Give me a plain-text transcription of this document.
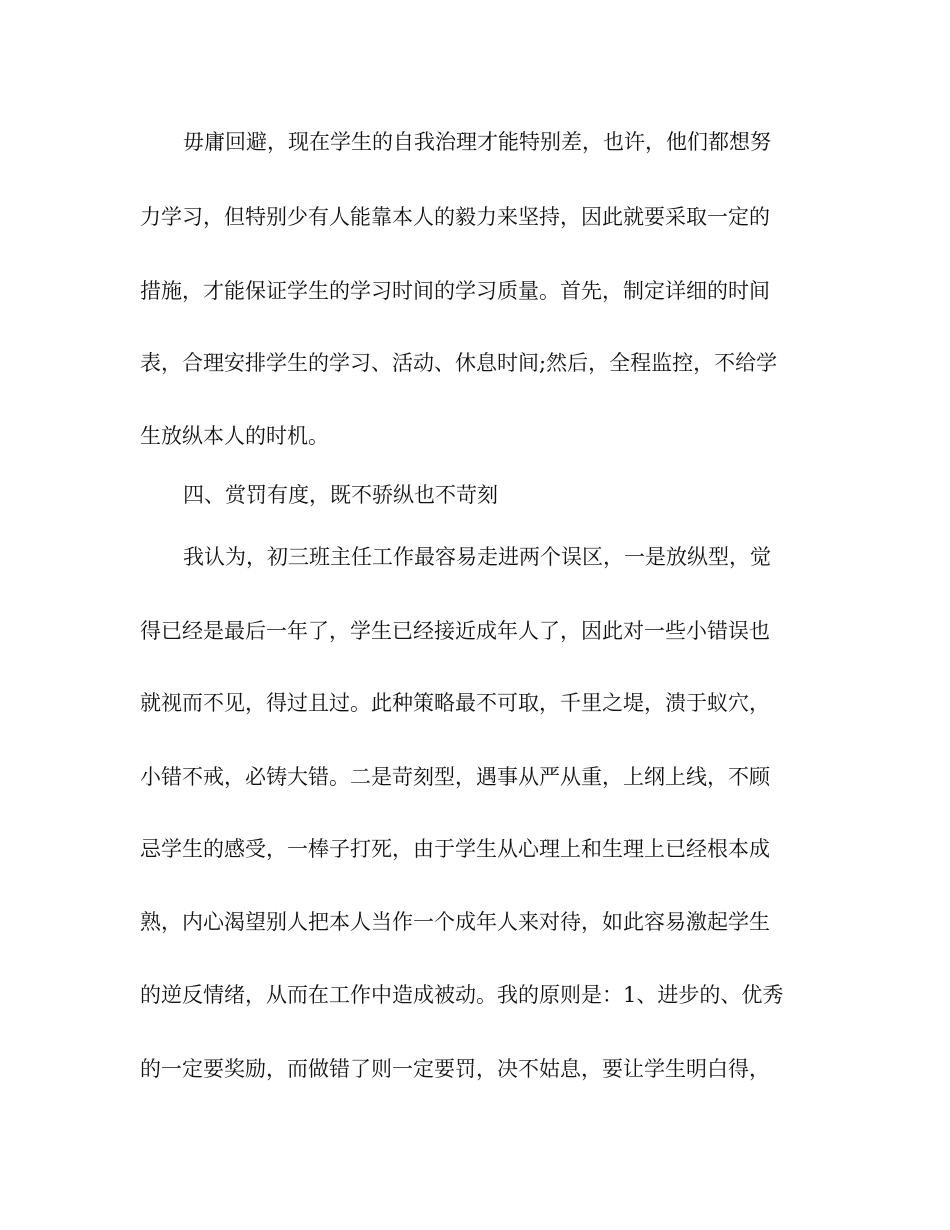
毋庸回避，现在学生的自我治理才能特别差，也许，他们都想努
力学习，但特别少有人能靠本人的毅力来坚持，因此就要采取一定的
措施，才能保证学生的学习时间的学习质量。首先，制定详细的时间
表，合理安排学生的学习、活动、休息时间;然后，全程监控，不给学
生放纵本人的时机。
四、赏罚有度，既不骄纵也不苛刻
我认为，初三班主任工作最容易走进两个误区，一是放纵型，觉
得已经是最后一年了，学生已经接近成年人了，因此对一些小错误也
就视而不见，得过且过。此种策略最不可取，千里之堤，溃于蚁穴，
小错不戒，必铸大错。二是苛刻型，遇事从严从重，上纲上线，不顾
忌学生的感受，一棒子打死，由于学生从心理上和生理上已经根本成
熟，内心渴望别人把本人当作一个成年人来对待，如此容易激起学生
的逆反情绪，从而在工作中造成被动。我的原则是：1、进步的、优秀
的一定要奖励，而做错了则一定要罚，决不姑息，要让学生明白得，
